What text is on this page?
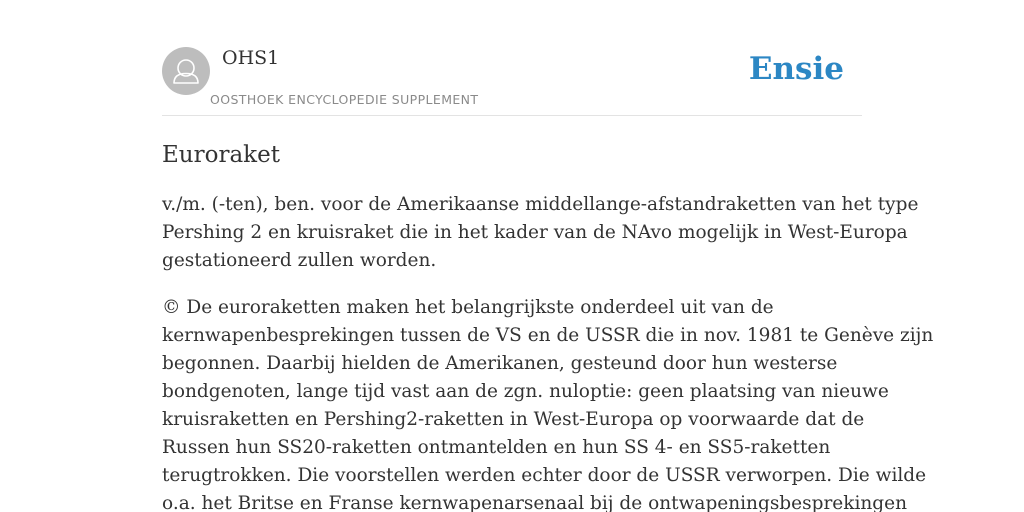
OHS1
OOSTHOEK ENCYCLOPEDIE SUPPLEMENT
Ensie
Euroraket

v./m. (-ten), ben. voor de Amerikaanse middellange-afstandraketten van het type
Pershing 2 en kruisraket die in het kader van de NAvo mogelijk in West-Europa
gestationeerd zullen worden.

© De euroraketten maken het belangrijkste onderdeel uit van de
kernwapenbesprekingen tussen de VS en de USSR die in nov. 1981 te Genève zijn
begonnen. Daarbij hielden de Amerikanen, gesteund door hun westerse
bondgenoten, lange tijd vast aan de zgn. nuloptie: geen plaatsing van nieuwe
kruisraketten en Pershing2-raketten in West-Europa op voorwaarde dat de
Russen hun SS20-raketten ontmantelden en hun SS 4- en SS5-raketten
terugtrokken. Die voorstellen werden echter door de USSR verworpen. Die wilde
o.a. het Britse en Franse kernwapenarsenaal bij de ontwapeningsbesprekingen
